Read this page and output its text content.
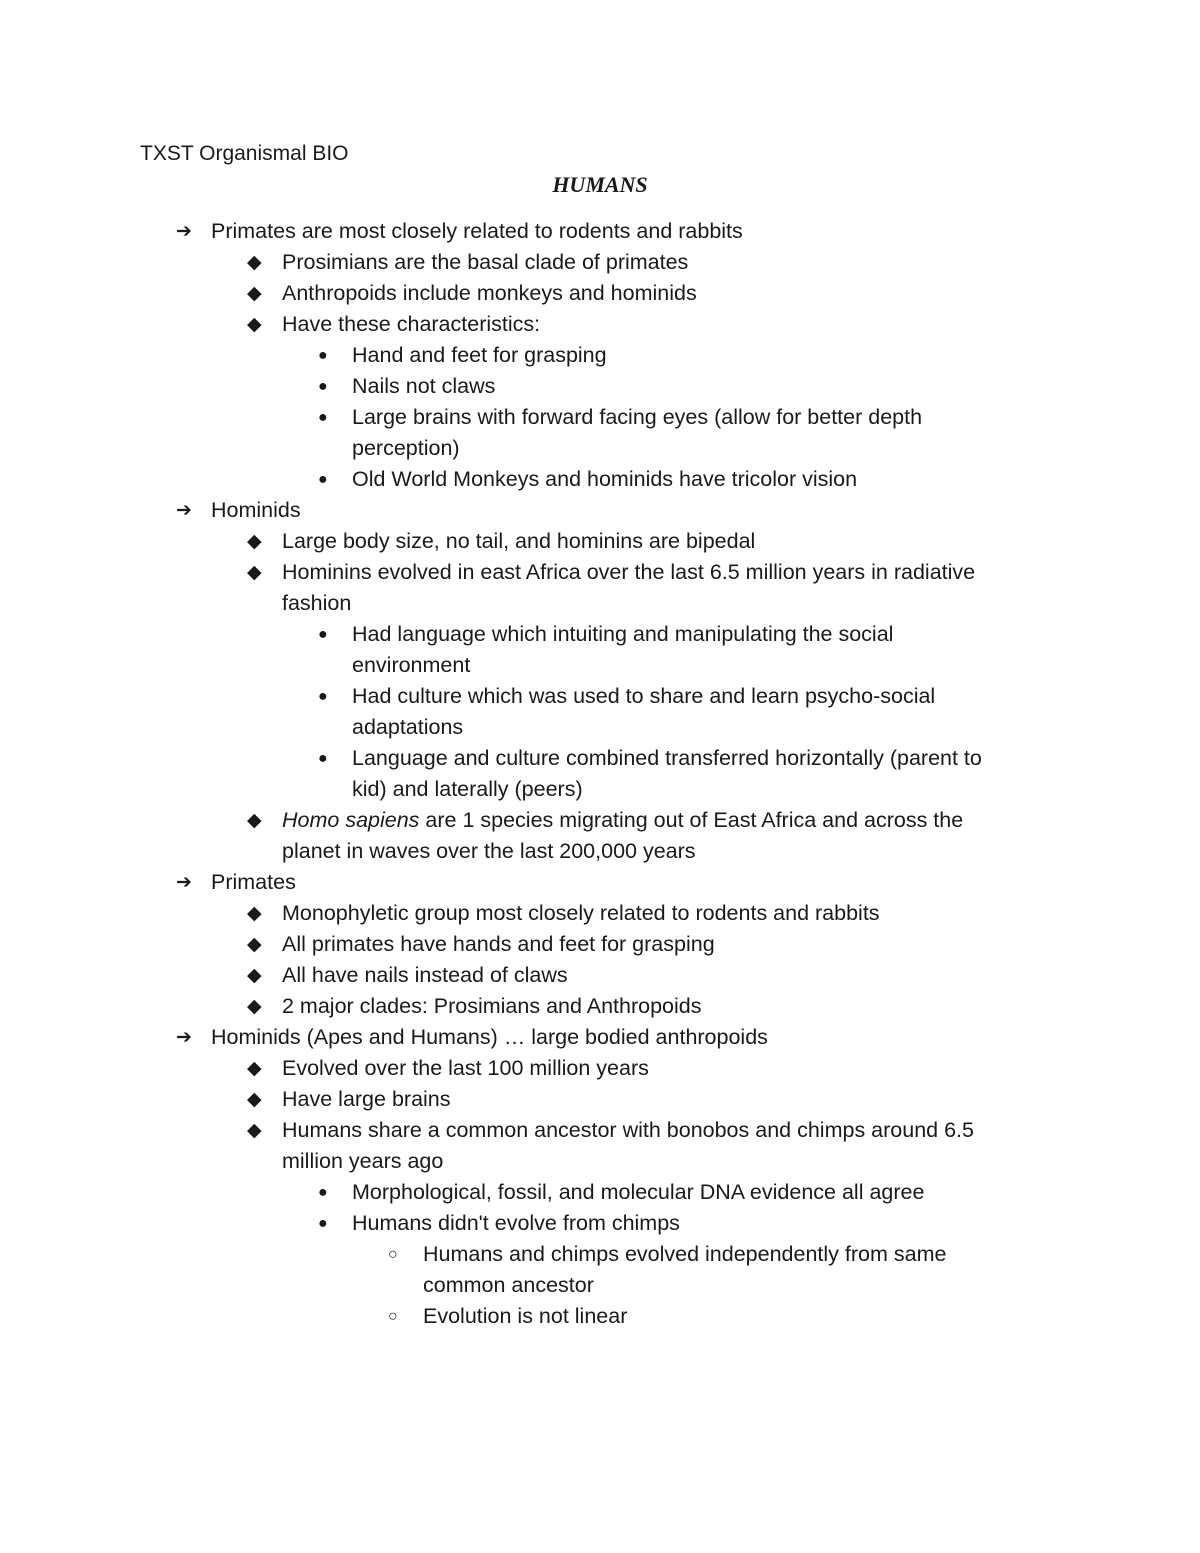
TXST Organismal BIO
HUMANS
➔ Primates are most closely related to rodents and rabbits
◆ Prosimians are the basal clade of primates
◆ Anthropoids include monkeys and hominids
◆ Have these characteristics:
● Hand and feet for grasping
● Nails not claws
● Large brains with forward facing eyes (allow for better depth
perception)
● Old World Monkeys and hominids have tricolor vision
➔ Hominids
◆ Large body size, no tail, and hominins are bipedal
◆ Hominins evolved in east Africa over the last 6.5 million years in radiative
fashion
● Had language which intuiting and manipulating the social
environment
● Had culture which was used to share and learn psycho-social
adaptations
● Language and culture combined transferred horizontally (parent to
kid) and laterally (peers)
◆ Homo sapiens are 1 species migrating out of East Africa and across the
planet in waves over the last 200,000 years
➔ Primates
◆ Monophyletic group most closely related to rodents and rabbits
◆ All primates have hands and feet for grasping
◆ All have nails instead of claws
◆ 2 major clades: Prosimians and Anthropoids
➔ Hominids (Apes and Humans) … large bodied anthropoids
◆ Evolved over the last 100 million years
◆ Have large brains
◆ Humans share a common ancestor with bonobos and chimps around 6.5
million years ago
● Morphological, fossil, and molecular DNA evidence all agree
● Humans didn't evolve from chimps
○ Humans and chimps evolved independently from same
common ancestor
○ Evolution is not linear
